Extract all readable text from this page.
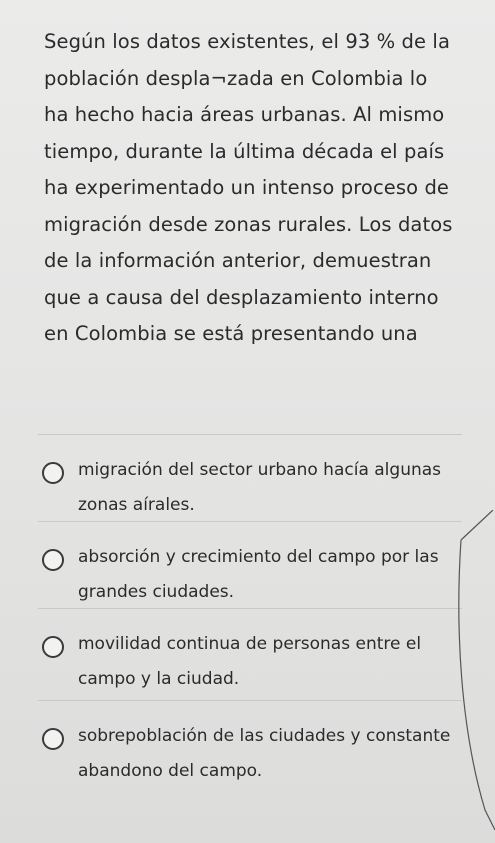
Según los datos existentes, el 93 % de la población despla¬zada en Colombia lo ha hecho hacia áreas urbanas. Al mismo tiempo, durante la última década el país ha experimentado un intenso proceso de migración desde zonas rurales. Los datos de la información anterior, demuestran que a causa del desplazamiento interno en Colombia se está presentando una
migración del sector urbano hacía algunas zonas aírales.
absorción y crecimiento del campo por las grandes ciudades.
movilidad continua de personas entre el campo y la ciudad.
sobrepoblación de las ciudades y constante abandono del campo.
